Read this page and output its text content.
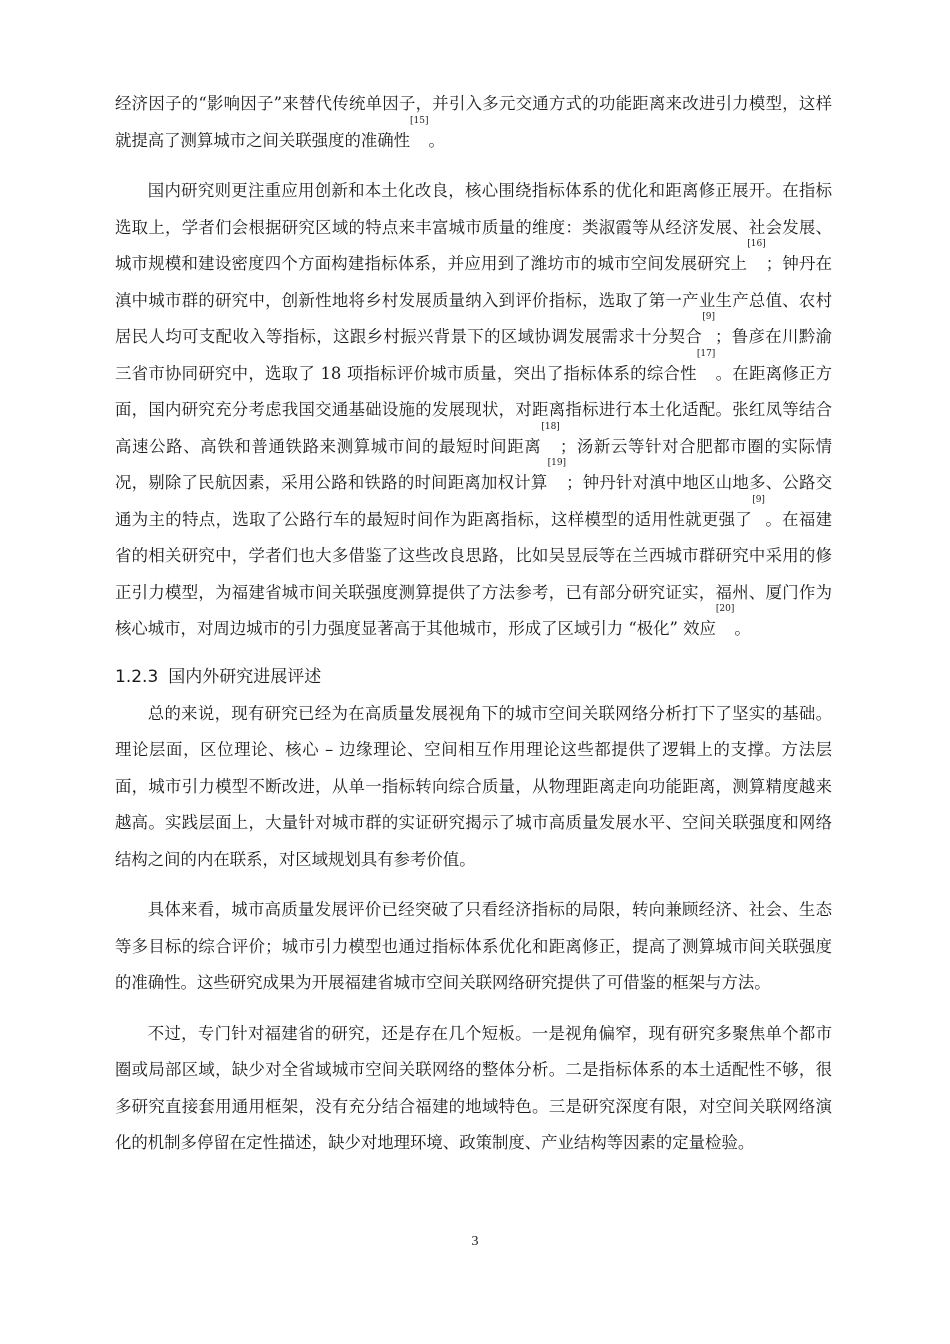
经济因子的“影响因子”来替代传统单因子，并引入多元交通方式的功能距离来改进引力模型，这样就提高了测算城市之间关联强度的准确性[15]。

国内研究则更注重应用创新和本土化改良，核心围绕指标体系的优化和距离修正展开。在指标选取上，学者们会根据研究区域的特点来丰富城市质量的维度：类淑霞等从经济发展、社会发展、城市规模和建设密度四个方面构建指标体系，并应用到了潍坊市的城市空间发展研究上[16]；钟丹在滇中城市群的研究中，创新性地将乡村发展质量纳入到评价指标，选取了第一产业生产总值、农村居民人均可支配收入等指标，这跟乡村振兴背景下的区域协调发展需求十分契合[9]；鲁彦在川黔渝三省市协同研究中，选取了 18 项指标评价城市质量，突出了指标体系的综合性[17]。在距离修正方面，国内研究充分考虑我国交通基础设施的发展现状，对距离指标进行本土化适配。张红凤等结合高速公路、高铁和普通铁路来测算城市间的最短时间距离[18]；汤新云等针对合肥都市圈的实际情况，剔除了民航因素，采用公路和铁路的时间距离加权计算[19]；钟丹针对滇中地区山地多、公路交通为主的特点，选取了公路行车的最短时间作为距离指标，这样模型的适用性就更强了[9]。在福建省的相关研究中，学者们也大多借鉴了这些改良思路，比如吴昱辰等在兰西城市群研究中采用的修正引力模型，为福建省城市间关联强度测算提供了方法参考，已有部分研究证实，福州、厦门作为核心城市，对周边城市的引力强度显著高于其他城市，形成了区域引力 “极化” 效应[20]。

1.2.3 国内外研究进展评述

总的来说，现有研究已经为在高质量发展视角下的城市空间关联网络分析打下了坚实的基础。理论层面，区位理论、核心 – 边缘理论、空间相互作用理论这些都提供了逻辑上的支撑。方法层面，城市引力模型不断改进，从单一指标转向综合质量，从物理距离走向功能距离，测算精度越来越高。实践层面上，大量针对城市群的实证研究揭示了城市高质量发展水平、空间关联强度和网络结构之间的内在联系，对区域规划具有参考价值。

具体来看，城市高质量发展评价已经突破了只看经济指标的局限，转向兼顾经济、社会、生态等多目标的综合评价；城市引力模型也通过指标体系优化和距离修正，提高了测算城市间关联强度的准确性。这些研究成果为开展福建省城市空间关联网络研究提供了可借鉴的框架与方法。

不过，专门针对福建省的研究，还是存在几个短板。一是视角偏窄，现有研究多聚焦单个都市圈或局部区域，缺少对全省域城市空间关联网络的整体分析。二是指标体系的本土适配性不够，很多研究直接套用通用框架，没有充分结合福建的地域特色。三是研究深度有限，对空间关联网络演化的机制多停留在定性描述，缺少对地理环境、政策制度、产业结构等因素的定量检验。

3
